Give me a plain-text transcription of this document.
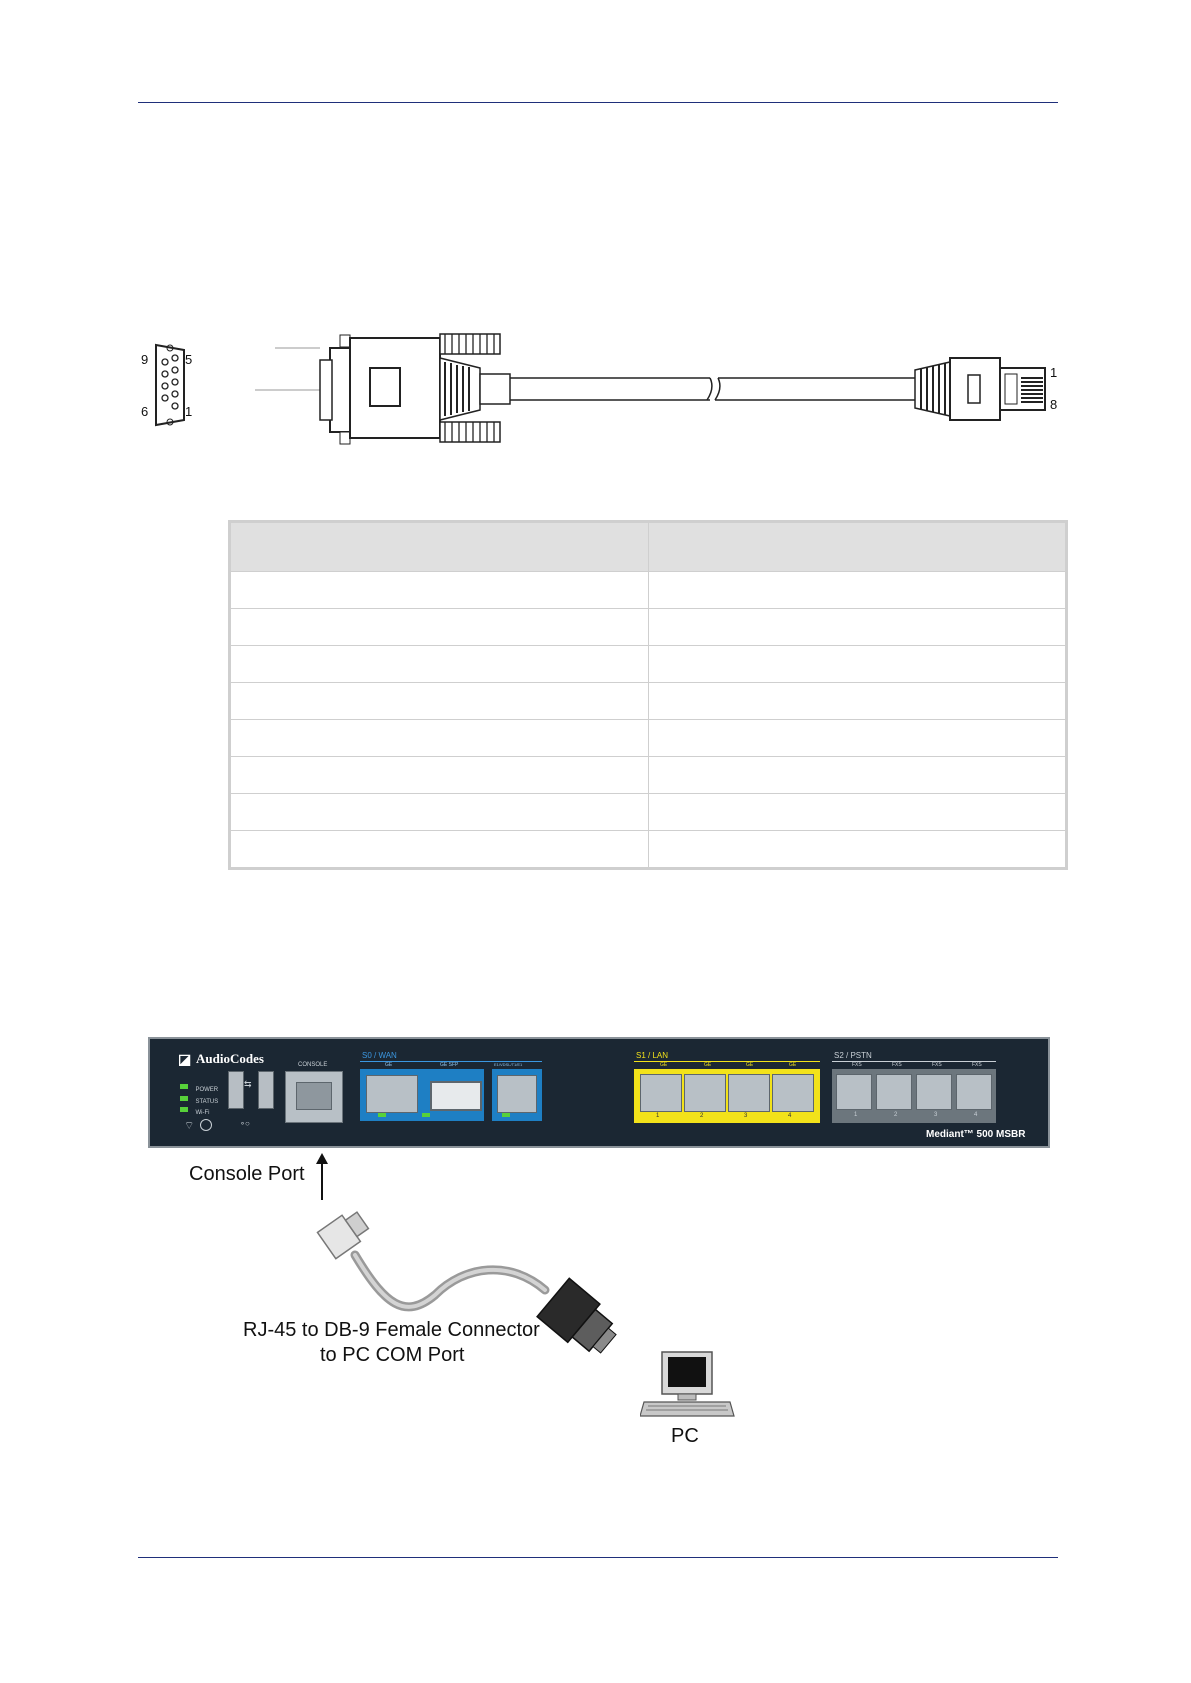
9	5
6	1
1
8

◪ AudioCodes
POWER
STATUS
Wi-Fi
⌔
⇆
∘○
CONSOLE
S0 / WAN
GE	GE SFP	E1/VDSL/T1/E1
S1 / LAN
GE	GE	GE	GE
1	2	3	4
S2 / PSTN
FXS	FXS	FXS	FXS
1	2	3	4
Mediant™ 500 MSBR
Console Port
RJ-45 to DB-9 Female Connector
to PC COM Port
PC
